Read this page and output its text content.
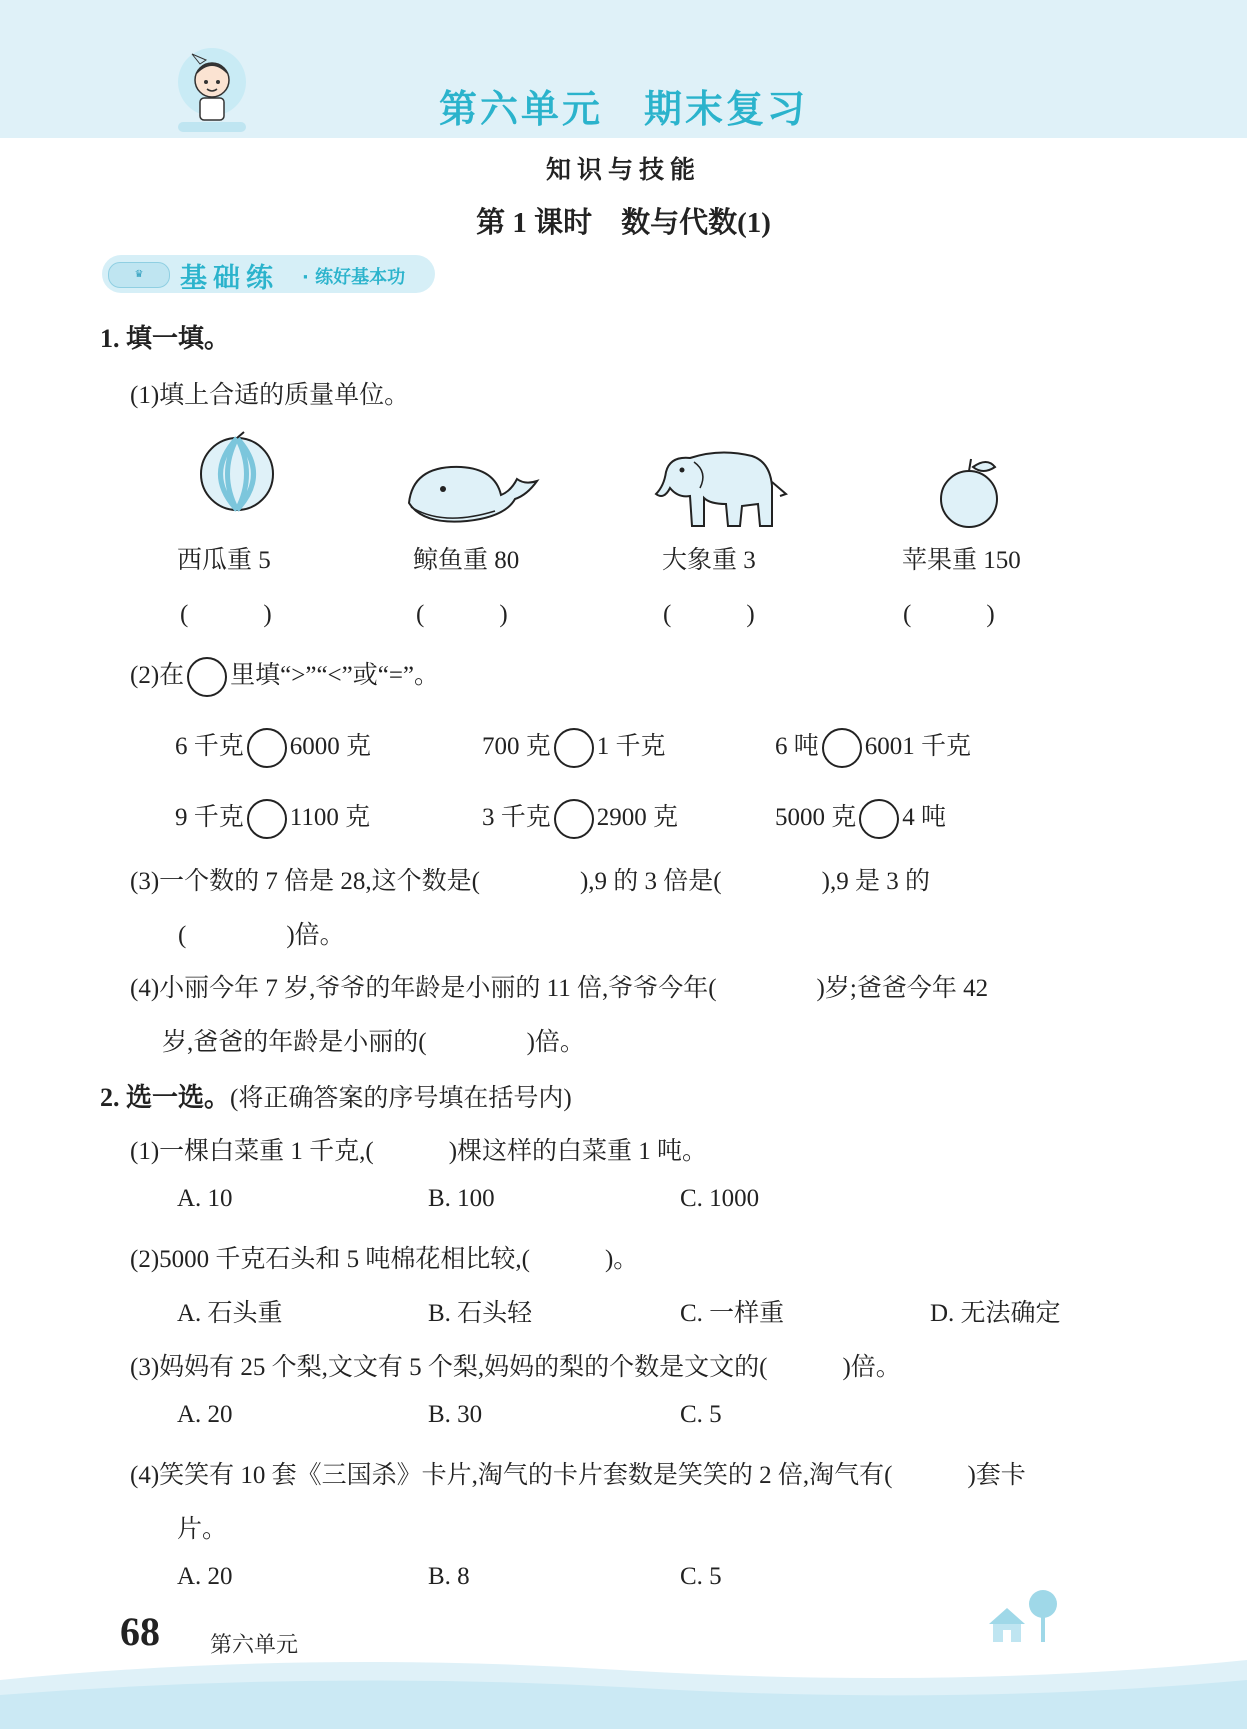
第六单元　期末复习
知识与技能
第 1 课时　数与代数(1)
♛	基础练 · 练好基本功
1. 填一填。
(1)填上合适的质量单位。
西瓜重 5	鲸鱼重 80	大象重 3	苹果重 150
(　　　)	(　　　)	(　　　)	(　　　)
(2)在 里填“>”“<”或“=”。
6 千克 6000 克	700 克 1 千克	6 吨 6001 千克
9 千克 1100 克	3 千克 2900 克	5000 克 4 吨
(3)一个数的 7 倍是 28,这个数是(　　　　),9 的 3 倍是(　　　　),9 是 3 的
(　　　　)倍。
(4)小丽今年 7 岁,爷爷的年龄是小丽的 11 倍,爷爷今年(　　　　)岁;爸爸今年 42
岁,爸爸的年龄是小丽的(　　　　)倍。
2. 选一选。(将正确答案的序号填在括号内)
(1)一棵白菜重 1 千克,(　　　)棵这样的白菜重 1 吨。
A. 10	B. 100	C. 1000
(2)5000 千克石头和 5 吨棉花相比较,(　　　)。
A. 石头重	B. 石头轻	C. 一样重	D. 无法确定
(3)妈妈有 25 个梨,文文有 5 个梨,妈妈的梨的个数是文文的(　　　)倍。
A. 20	B. 30	C. 5
(4)笑笑有 10 套《三国杀》卡片,淘气的卡片套数是笑笑的 2 倍,淘气有(　　　)套卡
片。
A. 20	B. 8	C. 5
68 第六单元
